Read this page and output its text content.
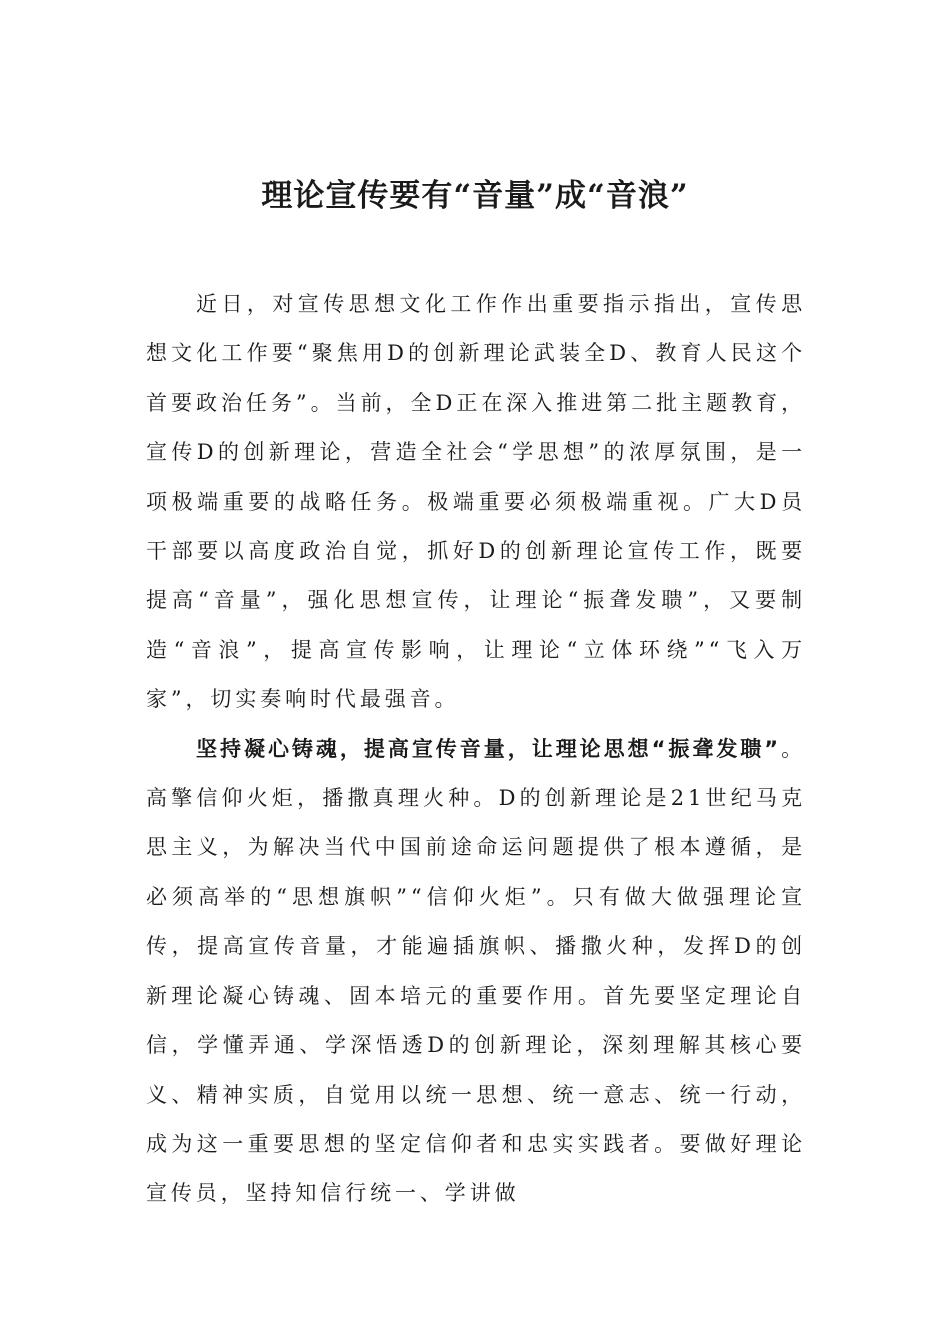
理论宣传要有“音量”成“音浪”

近日，对宣传思想文化工作作出重要指示指出，宣传思想文化工作要“聚焦用D的创新理论武装全D、教育人民这个首要政治任务”。当前，全D正在深入推进第二批主题教育，宣传D的创新理论，营造全社会“学思想”的浓厚氛围，是一项极端重要的战略任务。极端重要必须极端重视。广大D员干部要以高度政治自觉，抓好D的创新理论宣传工作，既要提高“音量”，强化思想宣传，让理论“振聋发聩”，又要制造“音浪”，提高宣传影响，让理论“立体环绕”“飞入万家”，切实奏响时代最强音。

坚持凝心铸魂，提高宣传音量，让理论思想“振聋发聩”。高擎信仰火炬，播撒真理火种。D的创新理论是21世纪马克思主义，为解决当代中国前途命运问题提供了根本遵循，是必须高举的“思想旗帜”“信仰火炬”。只有做大做强理论宣传，提高宣传音量，才能遍插旗帜、播撒火种，发挥D的创新理论凝心铸魂、固本培元的重要作用。首先要坚定理论自信，学懂弄通、学深悟透D的创新理论，深刻理解其核心要义、精神实质，自觉用以统一思想、统一意志、统一行动，成为这一重要思想的坚定信仰者和忠实实践者。要做好理论宣传员，坚持知信行统一、学讲做
